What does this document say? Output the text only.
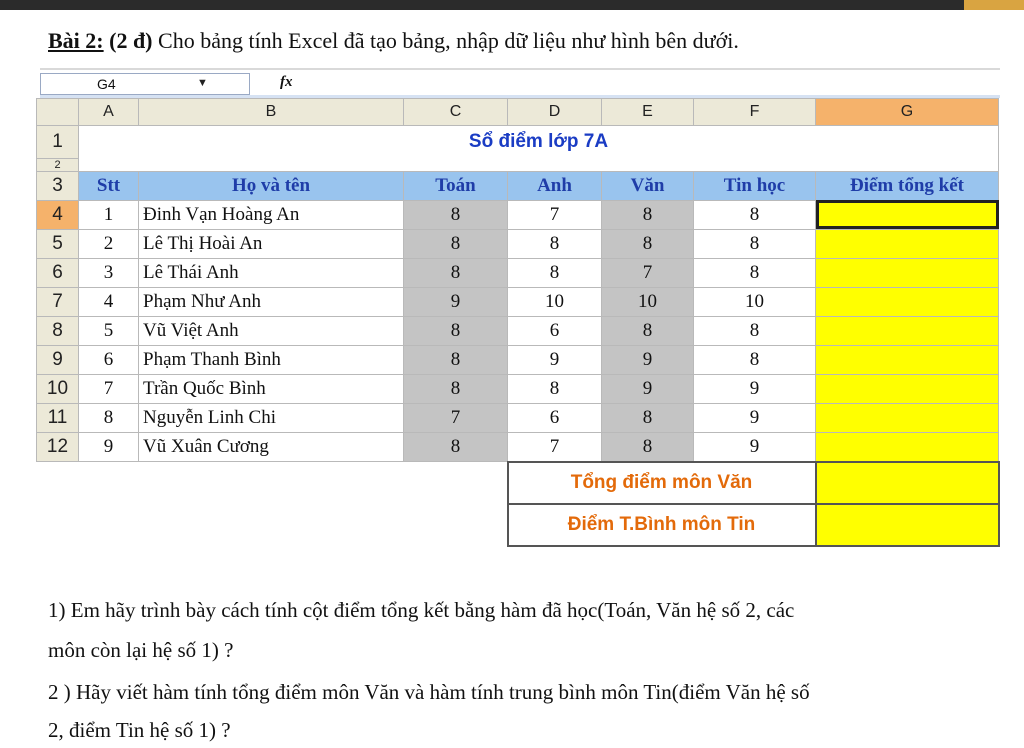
Bài 2: (2 đ) Cho bảng tính Excel đã tạo bảng, nhập dữ liệu như hình bên dưới.
G4	▼	fx
	A	B	C	D	E	F	G
1	Sổ điểm lớp 7A						
2							
3	Stt	Họ và tên	Toán	Anh	Văn	Tin học	Điểm tổng kết
4	1	Đinh Vạn Hoàng An	8	7	8	8	
5	2	Lê Thị Hoài An	8	8	8	8	
6	3	Lê Thái Anh	8	8	7	8	
7	4	Phạm Như Anh	9	10	10	10	
8	5	Vũ Việt Anh	8	6	8	8	
9	6	Phạm Thanh Bình	8	9	9	8	
10	7	Trần Quốc Bình	8	8	9	9	
11	8	Nguyễn Linh Chi	7	6	8	9	
12	9	Vũ Xuân Cương	8	7	8	9	
				Tổng điểm môn Văn			
				Điểm T.Bình môn Tin			
1) Em hãy trình bày cách tính cột điểm tổng kết bằng hàm đã học(Toán, Văn hệ số 2, các
môn còn lại hệ số 1) ?
2 ) Hãy viết hàm tính tổng điểm môn Văn và hàm tính trung bình môn Tin(điểm Văn hệ số
2, điểm Tin hệ số 1) ?
